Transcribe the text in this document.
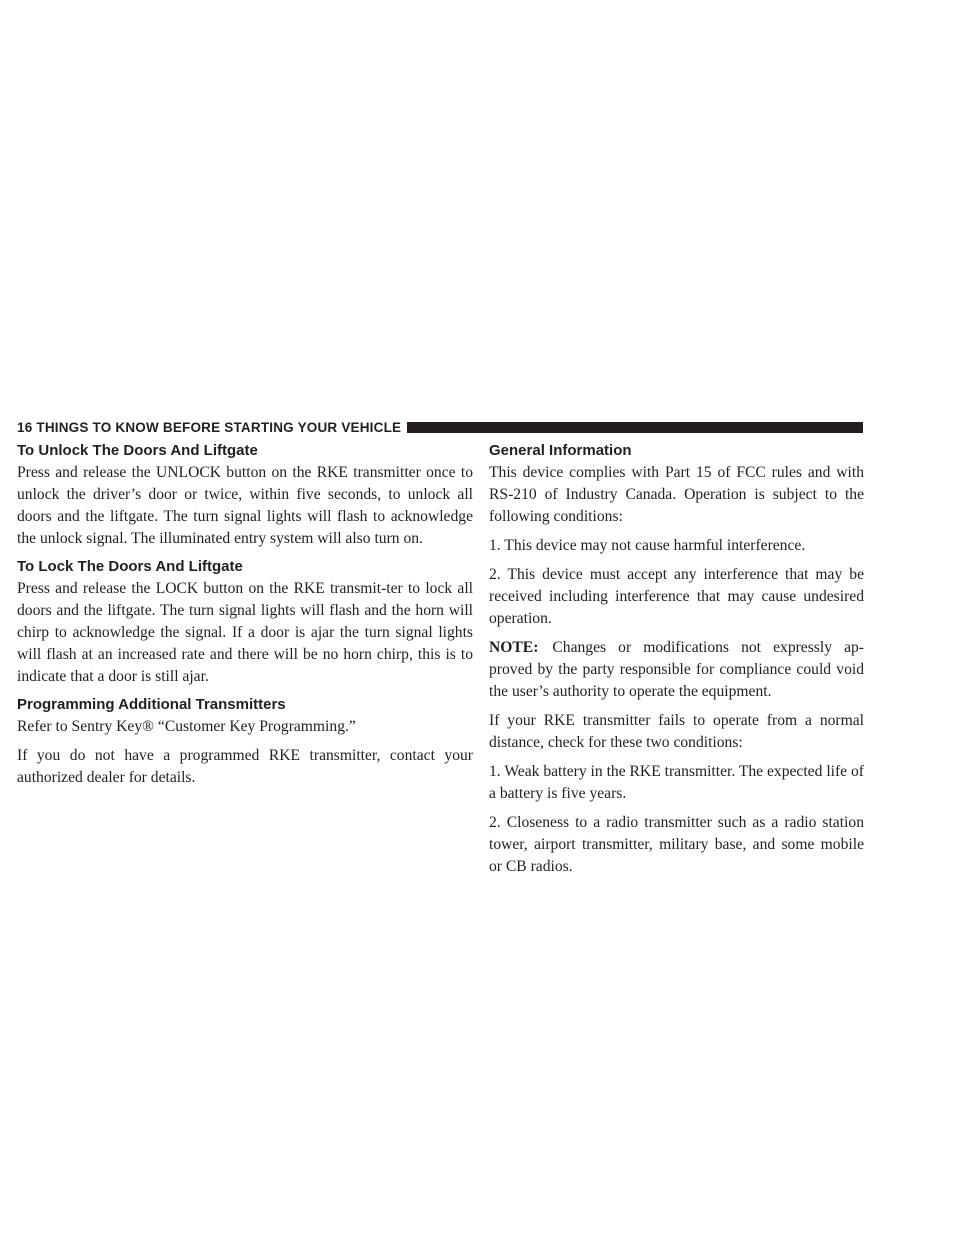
16 THINGS TO KNOW BEFORE STARTING YOUR VEHICLE
To Unlock The Doors And Liftgate

Press and release the UNLOCK button on the RKE transmitter once to unlock the driver’s door or twice, within five seconds, to unlock all doors and the liftgate. The turn signal lights will flash to acknowledge the unlock signal. The illuminated entry system will also turn on.

To Lock The Doors And Liftgate

Press and release the LOCK button on the RKE transmit-ter to lock all doors and the liftgate. The turn signal lights will flash and the horn will chirp to acknowledge the signal. If a door is ajar the turn signal lights will flash at an increased rate and there will be no horn chirp, this is to indicate that a door is still ajar.

Programming Additional Transmitters

Refer to Sentry Key® “Customer Key Programming.”

If you do not have a programmed RKE transmitter, contact your authorized dealer for details.

General Information

This device complies with Part 15 of FCC rules and with RS-210 of Industry Canada. Operation is subject to the following conditions:

1. This device may not cause harmful interference.

2. This device must accept any interference that may be received including interference that may cause undesired operation.

NOTE: Changes or modifications not expressly ap-proved by the party responsible for compliance could void the user’s authority to operate the equipment.

If your RKE transmitter fails to operate from a normal distance, check for these two conditions:

1. Weak battery in the RKE transmitter. The expected life of a battery is five years.

2. Closeness to a radio transmitter such as a radio station tower, airport transmitter, military base, and some mobile or CB radios.
